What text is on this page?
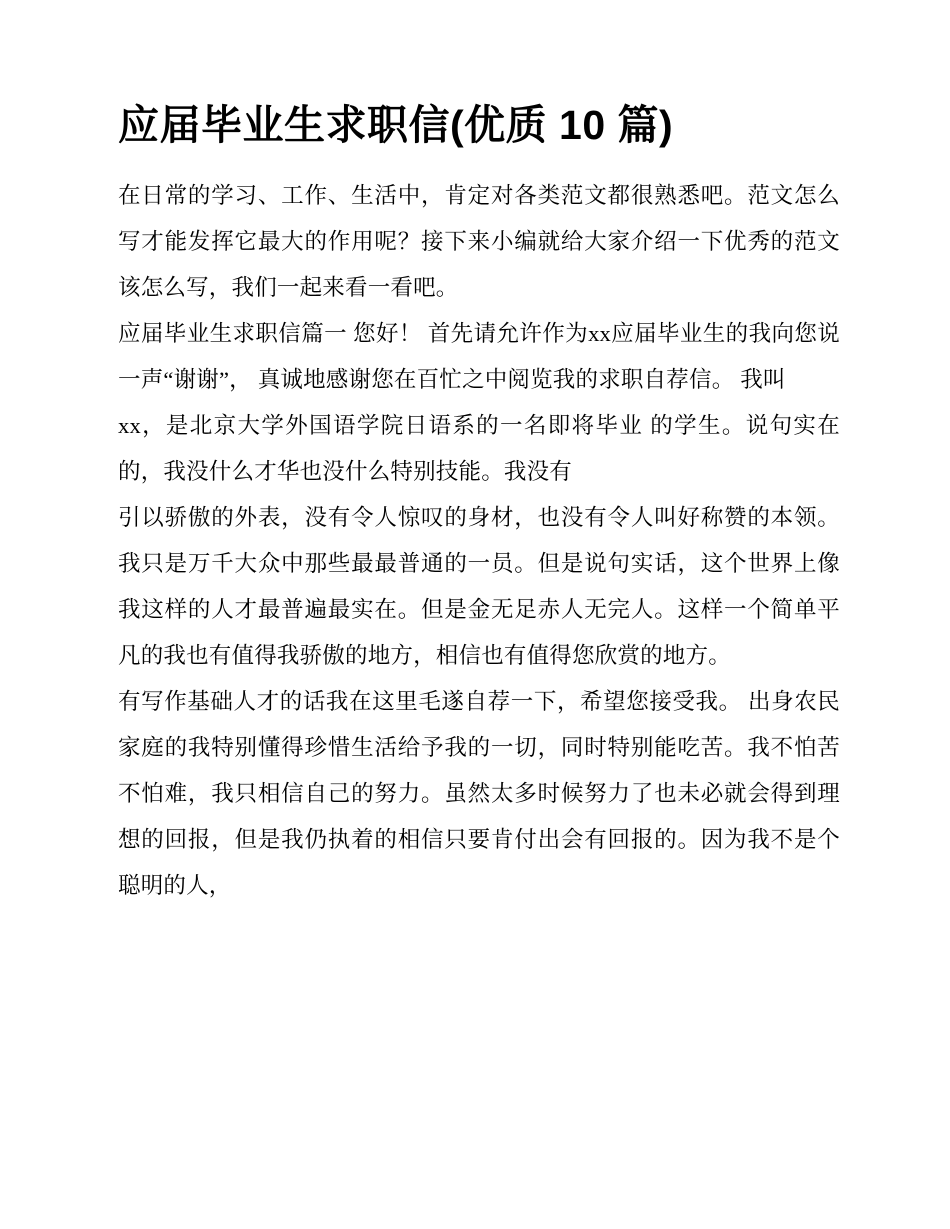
应届毕业生求职信(优质 10 篇)

在日常的学习、工作、生活中，肯定对各类范文都很熟悉吧。范文怎么写才能发挥它最大的作用呢？接下来小编就给大家介绍一下优秀的范文该怎么写，我们一起来看一看吧。

应届毕业生求职信篇一 您好！ 首先请允许作为xx应届毕业生的我向您说一声“谢谢”， 真诚地感谢您在百忙之中阅览我的求职自荐信。 我叫

xx，是北京大学外国语学院日语系的一名即将毕业 的学生。说句实在的，我没什么才华也没什么特别技能。我没有

引以骄傲的外表，没有令人惊叹的身材，也没有令人叫好称赞的本领。我只是万千大众中那些最最普通的一员。但是说句实话，这个世界上像我这样的人才最普遍最实在。但是金无足赤人无完人。这样一个简单平凡的我也有值得我骄傲的地方，相信也有值得您欣赏的地方。

有写作基础人才的话我在这里毛遂自荐一下，希望您接受我。 出身农民家庭的我特别懂得珍惜生活给予我的一切，同时特别能吃苦。我不怕苦不怕难，我只相信自己的努力。虽然太多时候努力了也未必就会得到理想的回报，但是我仍执着的相信只要肯付出会有回报的。因为我不是个聪明的人，
